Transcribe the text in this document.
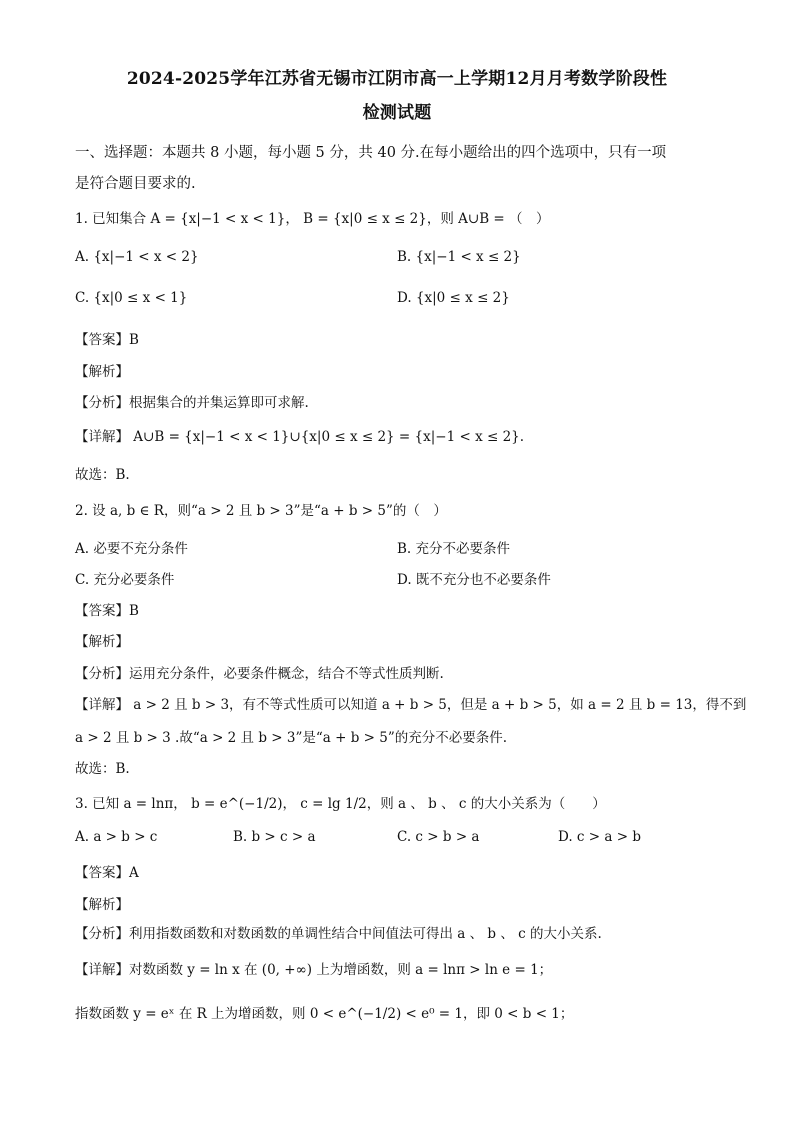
2024-2025学年江苏省无锡市江阴市高一上学期12月月考数学阶段性
检测试题
一、选择题：本题共 8 小题，每小题 5 分，共 40 分.在每小题给出的四个选项中，只有一项
是符合题目要求的.
1. 已知集合 A = {x|−1 < x < 1}， B = {x|0 ≤ x ≤ 2}，则 A∪B = （　）
A. {x|−1 < x < 2}	B. {x|−1 < x ≤ 2}
C. {x|0 ≤ x < 1}	D. {x|0 ≤ x ≤ 2}
【答案】B
【解析】
【分析】根据集合的并集运算即可求解.
【详解】 A∪B = {x|−1 < x < 1}∪{x|0 ≤ x ≤ 2} = {x|−1 < x ≤ 2}.
故选：B.
2. 设 a, b ∈ R，则“a > 2 且 b > 3”是“a + b > 5”的（　）
A. 必要不充分条件	B. 充分不必要条件
C. 充分必要条件	D. 既不充分也不必要条件
【答案】B
【解析】
【分析】运用充分条件，必要条件概念，结合不等式性质判断.
【详解】 a > 2 且 b > 3，有不等式性质可以知道 a + b > 5，但是 a + b > 5，如 a = 2 且 b = 13，得不到
a > 2 且 b > 3 .故“a > 2 且 b > 3”是“a + b > 5”的充分不必要条件.
故选：B.
3. 已知 a = lnπ， b = e^(−1/2)， c = lg 1/2，则 a 、 b 、 c 的大小关系为（　　）
A. a > b > c	B. b > c > a	C. c > b > a	D. c > a > b
【答案】A
【解析】
【分析】利用指数函数和对数函数的单调性结合中间值法可得出 a 、 b 、 c 的大小关系.
【详解】对数函数 y = ln x 在 (0, +∞) 上为增函数，则 a = lnπ > ln e = 1；
指数函数 y = eˣ 在 R 上为增函数，则 0 < e^(−1/2) < e⁰ = 1，即 0 < b < 1；
